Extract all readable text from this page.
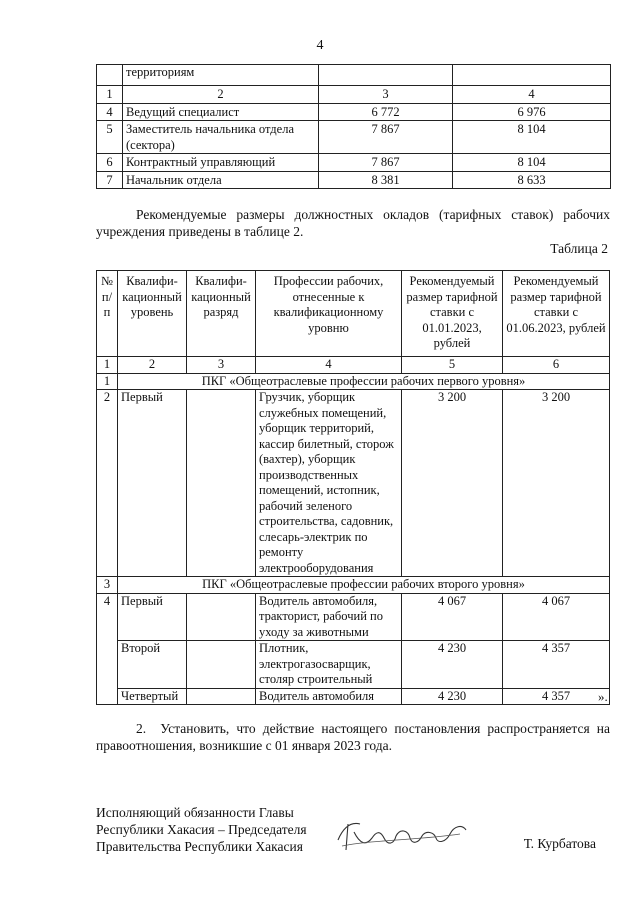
4
	территориям		
1	2	3	4
4	Ведущий специалист	6 772	6 976
5	Заместитель начальника отдела (сектора)	7 867	8 104
6	Контрактный управляющий	7 867	8 104
7	Начальник отдела	8 381	8 633
Рекомендуемые размеры должностных окладов (тарифных ставок) рабочих учреждения приведены в таблице 2.
Таблица 2
№ п/п	Квалифи-кационный уровень	Квалифи-кационный разряд	Профессии рабочих, отнесенные к квалификационному уровню	Рекомендуемый размер тарифной ставки с 01.01.2023, рублей	Рекомендуемый размер тарифной ставки с 01.06.2023, рублей
1	2	3	4	5	6
1	ПКГ «Общеотраслевые профессии рабочих первого уровня»				
2	Первый		Грузчик, уборщик служебных помещений, уборщик территорий, кассир билетный, сторож (вахтер), уборщик производственных помещений, истопник, рабочий зеленого строительства, садовник, слесарь-электрик по ремонту электрооборудования	3 200	3 200
3	ПКГ «Общеотраслевые профессии рабочих второго уровня»				
4	Первый		Водитель автомобиля, тракторист, рабочий по уходу за животными	4 067	4 067
	Второй		Плотник, электрогазосварщик, столяр строительный	4 230	4 357
	Четвертый		Водитель автомобиля	4 230	4 357 ».
2.  Установить, что действие настоящего постановления распространяется на правоотношения, возникшие с 01 января 2023 года.
Исполняющий обязанности Главы
Республики Хакасия – Председателя
Правительства Республики Хакасия	Т. Курбатова
